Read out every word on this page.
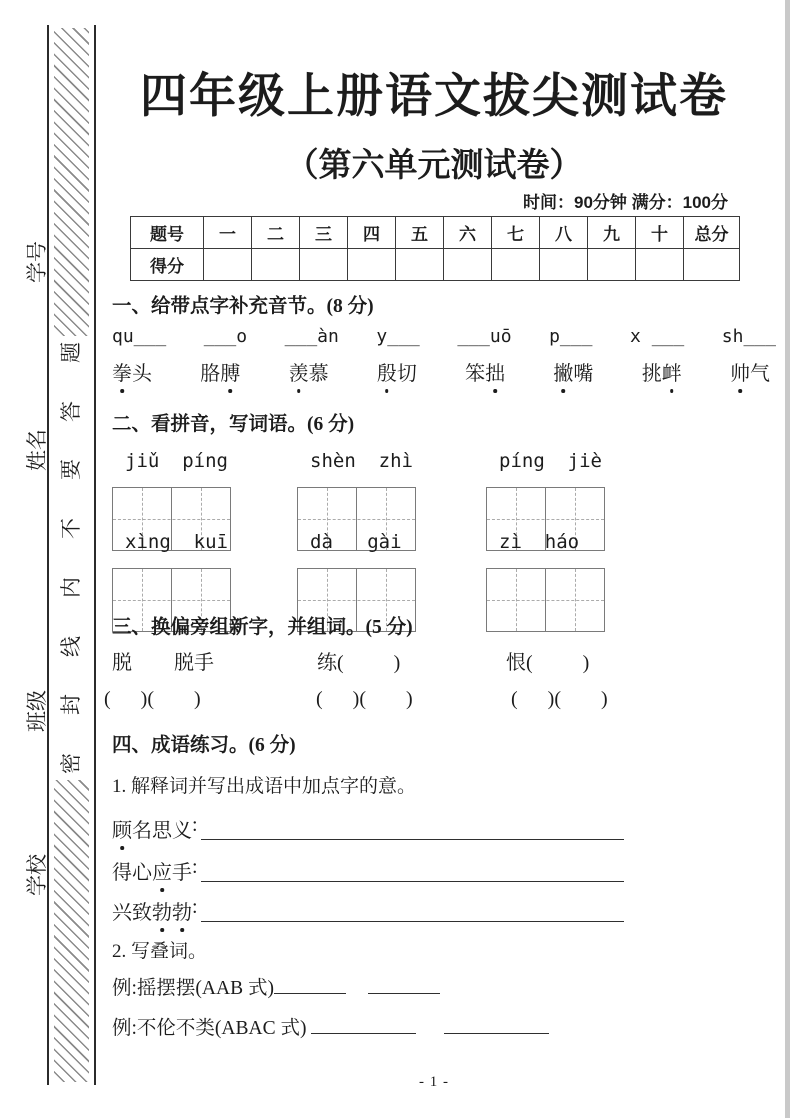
学号
姓名
班级
学校
题
答
要
不
内
线
封
密
四年级上册语文拔尖测试卷
（第六单元测试卷）
时间：90分钟 满分：100分
题号	一	二	三	四	五	六	七	八	九	十	总分
得分											
一、给带点字补充音节。(8 分)
qu___ ___o ___àn y___ ___uō p___ x ___ sh___
拳头 胳膊 羡慕 殷切 笨拙 撇嘴 挑衅 帅气
二、看拼音，写词语。(6 分)
jiǔ  píng	shèn  zhì	píng  jiè
xìng  kuī	dà   gài	zì  háo
三、换偏旁组新字，并组词。(5 分)
脱 脱手	练(          )	恨(          )
(      )(        )	(      )(        )	(      )(        )
四、成语练习。(6 分)
1. 解释词并写出成语中加点字的意。
顾名思义 :
得心应手 :
兴致勃勃 :
2. 写叠词。
例:摇摆摆(AAB 式)
例:不伦不类(ABAC 式)
- 1 -
